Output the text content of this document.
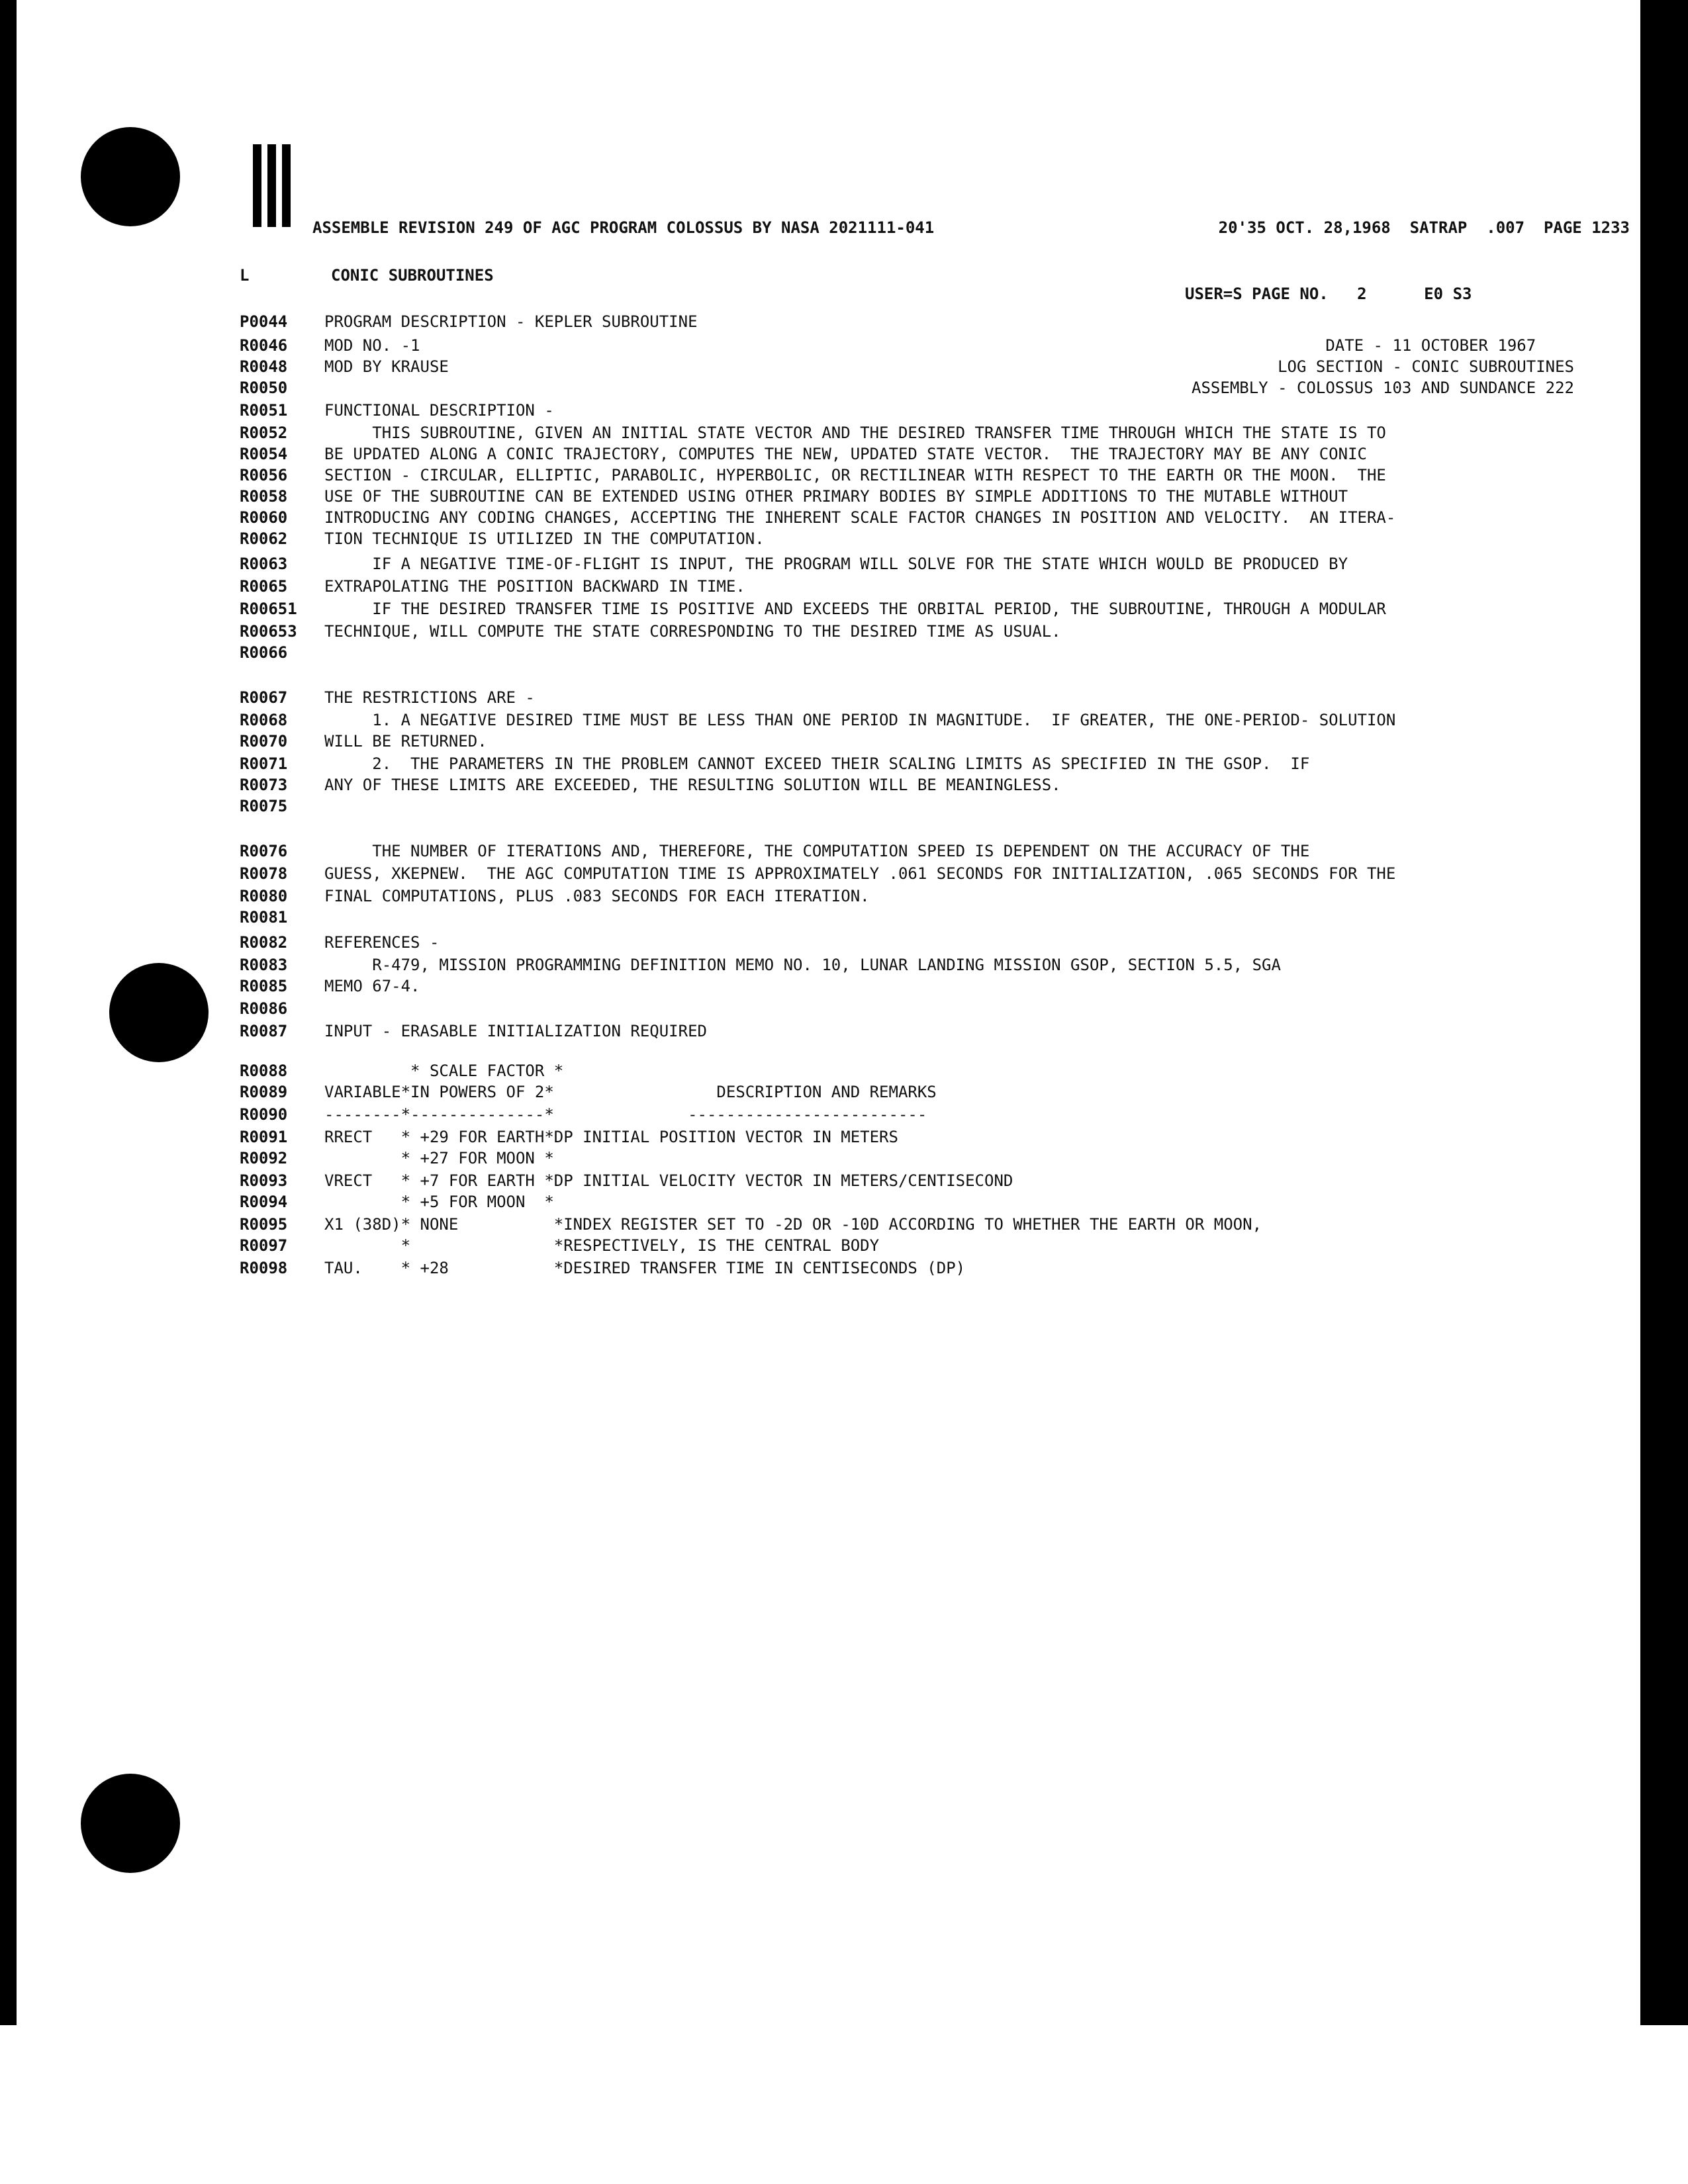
ASSEMBLE REVISION 249 OF AGC PROGRAM COLOSSUS BY NASA 2021111-041

	20'35 OCT. 28,1968  SATRAP  .007  PAGE 1233

L	CONIC SUBROUTINES
USER=S PAGE NO.   2      E0 S3
P0044 PROGRAM DESCRIPTION - KEPLER SUBROUTINE
R0046 MOD NO. -1	DATE - 11 OCTOBER 1967
R0048 MOD BY KRAUSE	LOG SECTION - CONIC SUBROUTINES
R0050	ASSEMBLY - COLOSSUS 103 AND SUNDANCE 222
R0051 FUNCTIONAL DESCRIPTION -
R0052 THIS SUBROUTINE, GIVEN AN INITIAL STATE VECTOR AND THE DESIRED TRANSFER TIME THROUGH WHICH THE STATE IS TO
R0054 BE UPDATED ALONG A CONIC TRAJECTORY, COMPUTES THE NEW, UPDATED STATE VECTOR.  THE TRAJECTORY MAY BE ANY CONIC
R0056 SECTION - CIRCULAR, ELLIPTIC, PARABOLIC, HYPERBOLIC, OR RECTILINEAR WITH RESPECT TO THE EARTH OR THE MOON.  THE
R0058 USE OF THE SUBROUTINE CAN BE EXTENDED USING OTHER PRIMARY BODIES BY SIMPLE ADDITIONS TO THE MUTABLE WITHOUT
R0060 INTRODUCING ANY CODING CHANGES, ACCEPTING THE INHERENT SCALE FACTOR CHANGES IN POSITION AND VELOCITY.  AN ITERA-
R0062 TION TECHNIQUE IS UTILIZED IN THE COMPUTATION.
R0063 IF A NEGATIVE TIME-OF-FLIGHT IS INPUT, THE PROGRAM WILL SOLVE FOR THE STATE WHICH WOULD BE PRODUCED BY
R0065 EXTRAPOLATING THE POSITION BACKWARD IN TIME.
R00651 IF THE DESIRED TRANSFER TIME IS POSITIVE AND EXCEEDS THE ORBITAL PERIOD, THE SUBROUTINE, THROUGH A MODULAR
R00653 TECHNIQUE, WILL COMPUTE THE STATE CORRESPONDING TO THE DESIRED TIME AS USUAL.
R0066
R0067 THE RESTRICTIONS ARE -
R0068 1. A NEGATIVE DESIRED TIME MUST BE LESS THAN ONE PERIOD IN MAGNITUDE.  IF GREATER, THE ONE-PERIOD- SOLUTION
R0070 WILL BE RETURNED.
R0071 2.  THE PARAMETERS IN THE PROBLEM CANNOT EXCEED THEIR SCALING LIMITS AS SPECIFIED IN THE GSOP.  IF
R0073 ANY OF THESE LIMITS ARE EXCEEDED, THE RESULTING SOLUTION WILL BE MEANINGLESS.
R0075
R0076 THE NUMBER OF ITERATIONS AND, THEREFORE, THE COMPUTATION SPEED IS DEPENDENT ON THE ACCURACY OF THE
R0078 GUESS, XKEPNEW.  THE AGC COMPUTATION TIME IS APPROXIMATELY .061 SECONDS FOR INITIALIZATION, .065 SECONDS FOR THE
R0080 FINAL COMPUTATIONS, PLUS .083 SECONDS FOR EACH ITERATION.
R0081
R0082 REFERENCES -
R0083 R-479, MISSION PROGRAMMING DEFINITION MEMO NO. 10, LUNAR LANDING MISSION GSOP, SECTION 5.5, SGA
R0085 MEMO 67-4.
R0086
R0087 INPUT - ERASABLE INITIALIZATION REQUIRED
R0088 * SCALE FACTOR *
R0089 VARIABLE*IN POWERS OF 2*                 DESCRIPTION AND REMARKS
R0090 --------*--------------*              -------------------------
R0091 RRECT   * +29 FOR EARTH*DP INITIAL POSITION VECTOR IN METERS
R0092 * +27 FOR MOON *
R0093 VRECT   * +7 FOR EARTH *DP INITIAL VELOCITY VECTOR IN METERS/CENTISECOND
R0094 * +5 FOR MOON  *
R0095 X1 (38D)* NONE          *INDEX REGISTER SET TO -2D OR -10D ACCORDING TO WHETHER THE EARTH OR MOON,
R0097 *               *RESPECTIVELY, IS THE CENTRAL BODY
R0098 TAU.    * +28           *DESIRED TRANSFER TIME IN CENTISECONDS (DP)
